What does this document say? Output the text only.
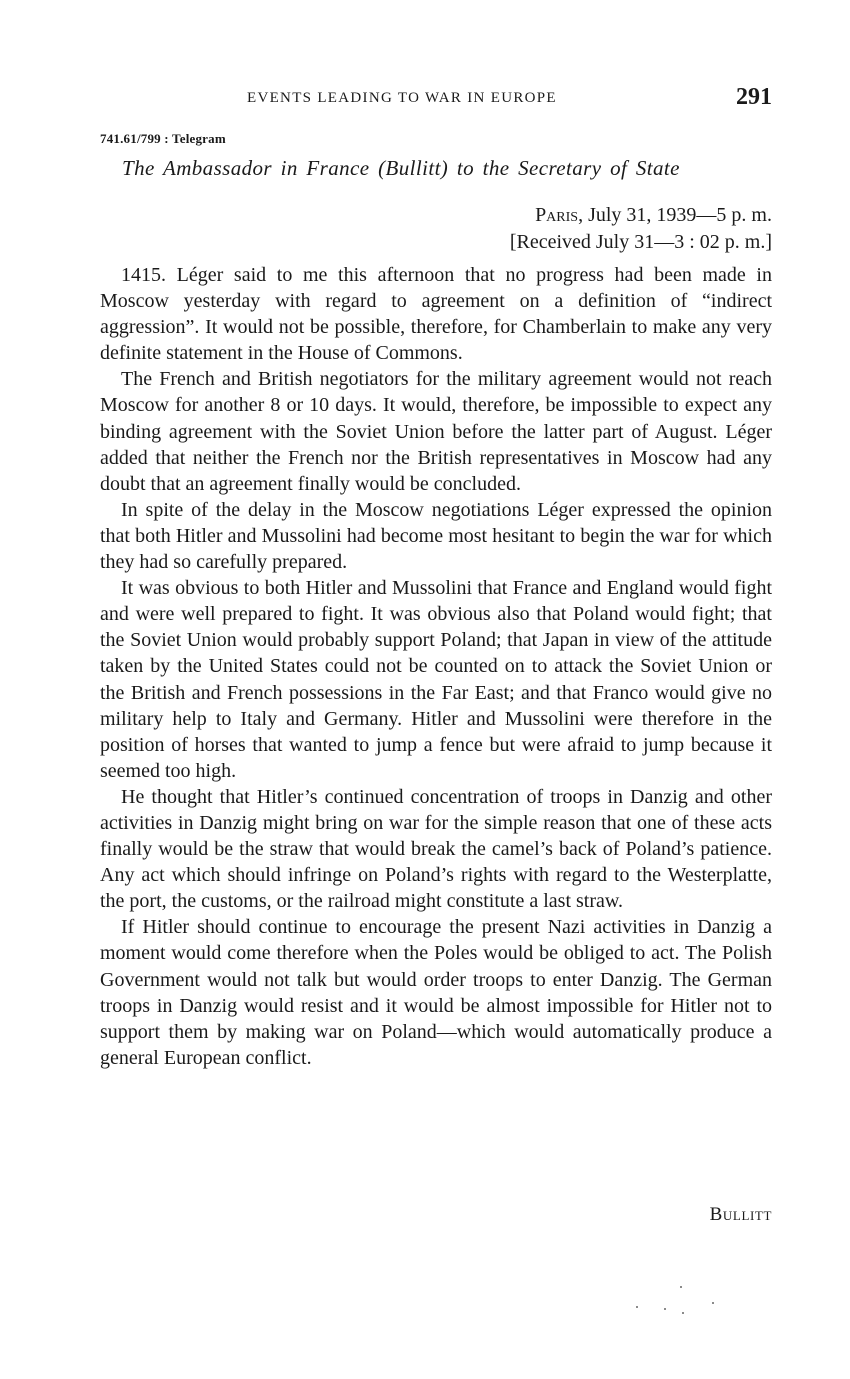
EVENTS LEADING TO WAR IN EUROPE	291
741.61/799 : Telegram
The Ambassador in France (Bullitt) to the Secretary of State
Paris, July 31, 1939—5 p. m.
[Received July 31—3 : 02 p. m.]

1415. Léger said to me this afternoon that no progress had been made in Moscow yesterday with regard to agreement on a definition of “indirect aggression”. It would not be possible, therefore, for Chamberlain to make any very definite statement in the House of Commons.

The French and British negotiators for the military agreement would not reach Moscow for another 8 or 10 days. It would, therefore, be impossible to expect any binding agreement with the Soviet Union before the latter part of August. Léger added that neither the French nor the British representatives in Moscow had any doubt that an agreement finally would be concluded.

In spite of the delay in the Moscow negotiations Léger expressed the opinion that both Hitler and Mussolini had become most hesitant to begin the war for which they had so carefully prepared.

It was obvious to both Hitler and Mussolini that France and England would fight and were well prepared to fight. It was obvious also that Poland would fight; that the Soviet Union would probably support Poland; that Japan in view of the attitude taken by the United States could not be counted on to attack the Soviet Union or the British and French possessions in the Far East; and that Franco would give no military help to Italy and Germany. Hitler and Mussolini were therefore in the position of horses that wanted to jump a fence but were afraid to jump because it seemed too high.

He thought that Hitler’s continued concentration of troops in Danzig and other activities in Danzig might bring on war for the simple reason that one of these acts finally would be the straw that would break the camel’s back of Poland’s patience. Any act which should infringe on Poland’s rights with regard to the Westerplatte, the port, the customs, or the railroad might constitute a last straw.

If Hitler should continue to encourage the present Nazi activities in Danzig a moment would come therefore when the Poles would be obliged to act. The Polish Government would not talk but would order troops to enter Danzig. The German troops in Danzig would resist and it would be almost impossible for Hitler not to support them by making war on Poland—which would automatically produce a general European conflict.

Bullitt
